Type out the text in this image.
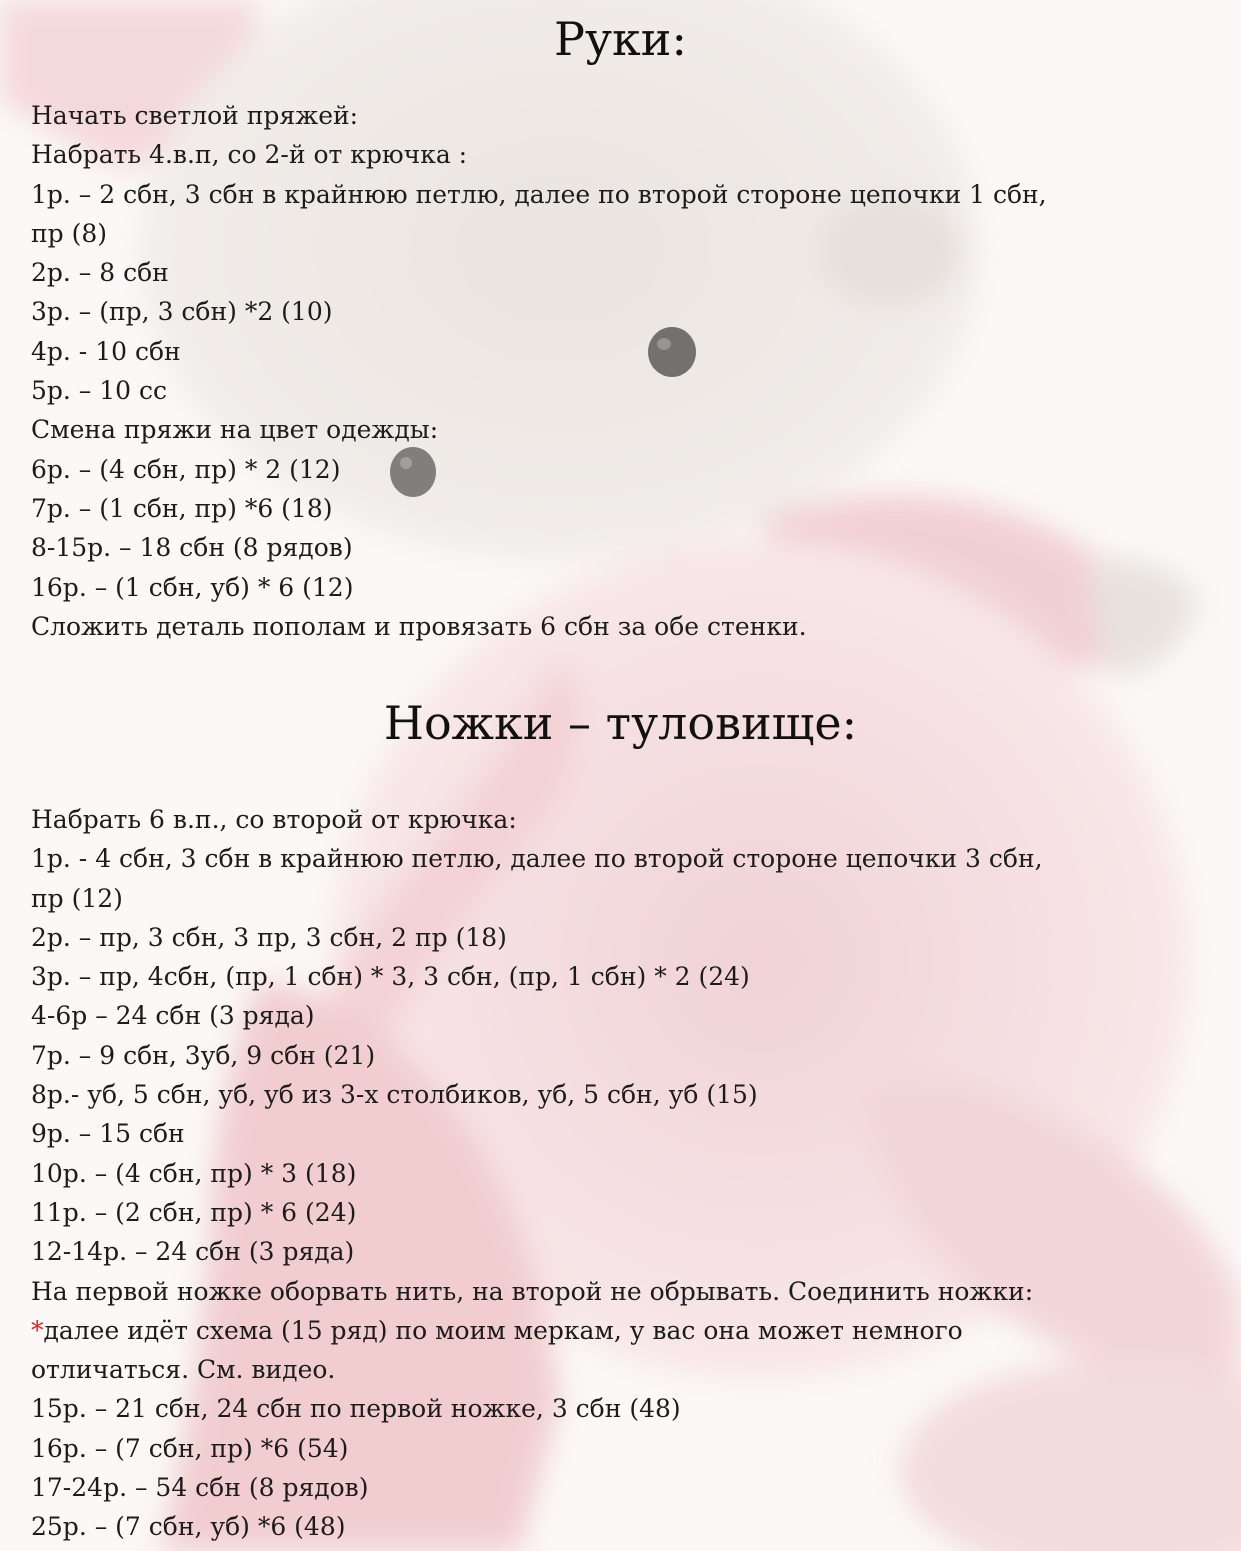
Руки:
Начать светлой пряжей:
Набрать 4.в.п, со 2-й от крючка :
1р. – 2 сбн, 3 сбн в крайнюю петлю, далее по второй стороне цепочки 1 сбн,
пр (8)
2р. – 8 сбн
3р. – (пр, 3 сбн) *2 (10)
4р. - 10 сбн
5р. – 10 сс
Смена пряжи на цвет одежды:
6р. – (4 сбн, пр) * 2 (12)
7р. – (1 сбн, пр) *6 (18)
8-15р. – 18 сбн (8 рядов)
16р. – (1 сбн, уб) * 6 (12)
Сложить деталь пополам и провязать 6 сбн за обе стенки.
Ножки – туловище:
Набрать 6 в.п., со второй от крючка:
1р. - 4 сбн, 3 сбн в крайнюю петлю, далее по второй стороне цепочки 3 сбн,
пр (12)
2р. – пр, 3 сбн, 3 пр, 3 сбн, 2 пр (18)
3р. – пр, 4сбн, (пр, 1 сбн) * 3, 3 сбн, (пр, 1 сбн) * 2 (24)
4-6р – 24 сбн (3 ряда)
7р. – 9 сбн, 3уб, 9 сбн (21)
8р.- уб, 5 сбн, уб, уб из 3-х столбиков, уб, 5 сбн, уб (15)
9р. – 15 сбн
10р. – (4 сбн, пр) * 3 (18)
11р. – (2 сбн, пр) * 6 (24)
12-14р. – 24 сбн (3 ряда)
На первой ножке оборвать нить, на второй не обрывать. Соединить ножки:
*далее идёт схема (15 ряд) по моим меркам, у вас она может немного
отличаться. См. видео.
15р. – 21 сбн, 24 сбн по первой ножке, 3 сбн (48)
16р. – (7 сбн, пр) *6 (54)
17-24р. – 54 сбн (8 рядов)
25р. – (7 сбн, уб) *6 (48)
